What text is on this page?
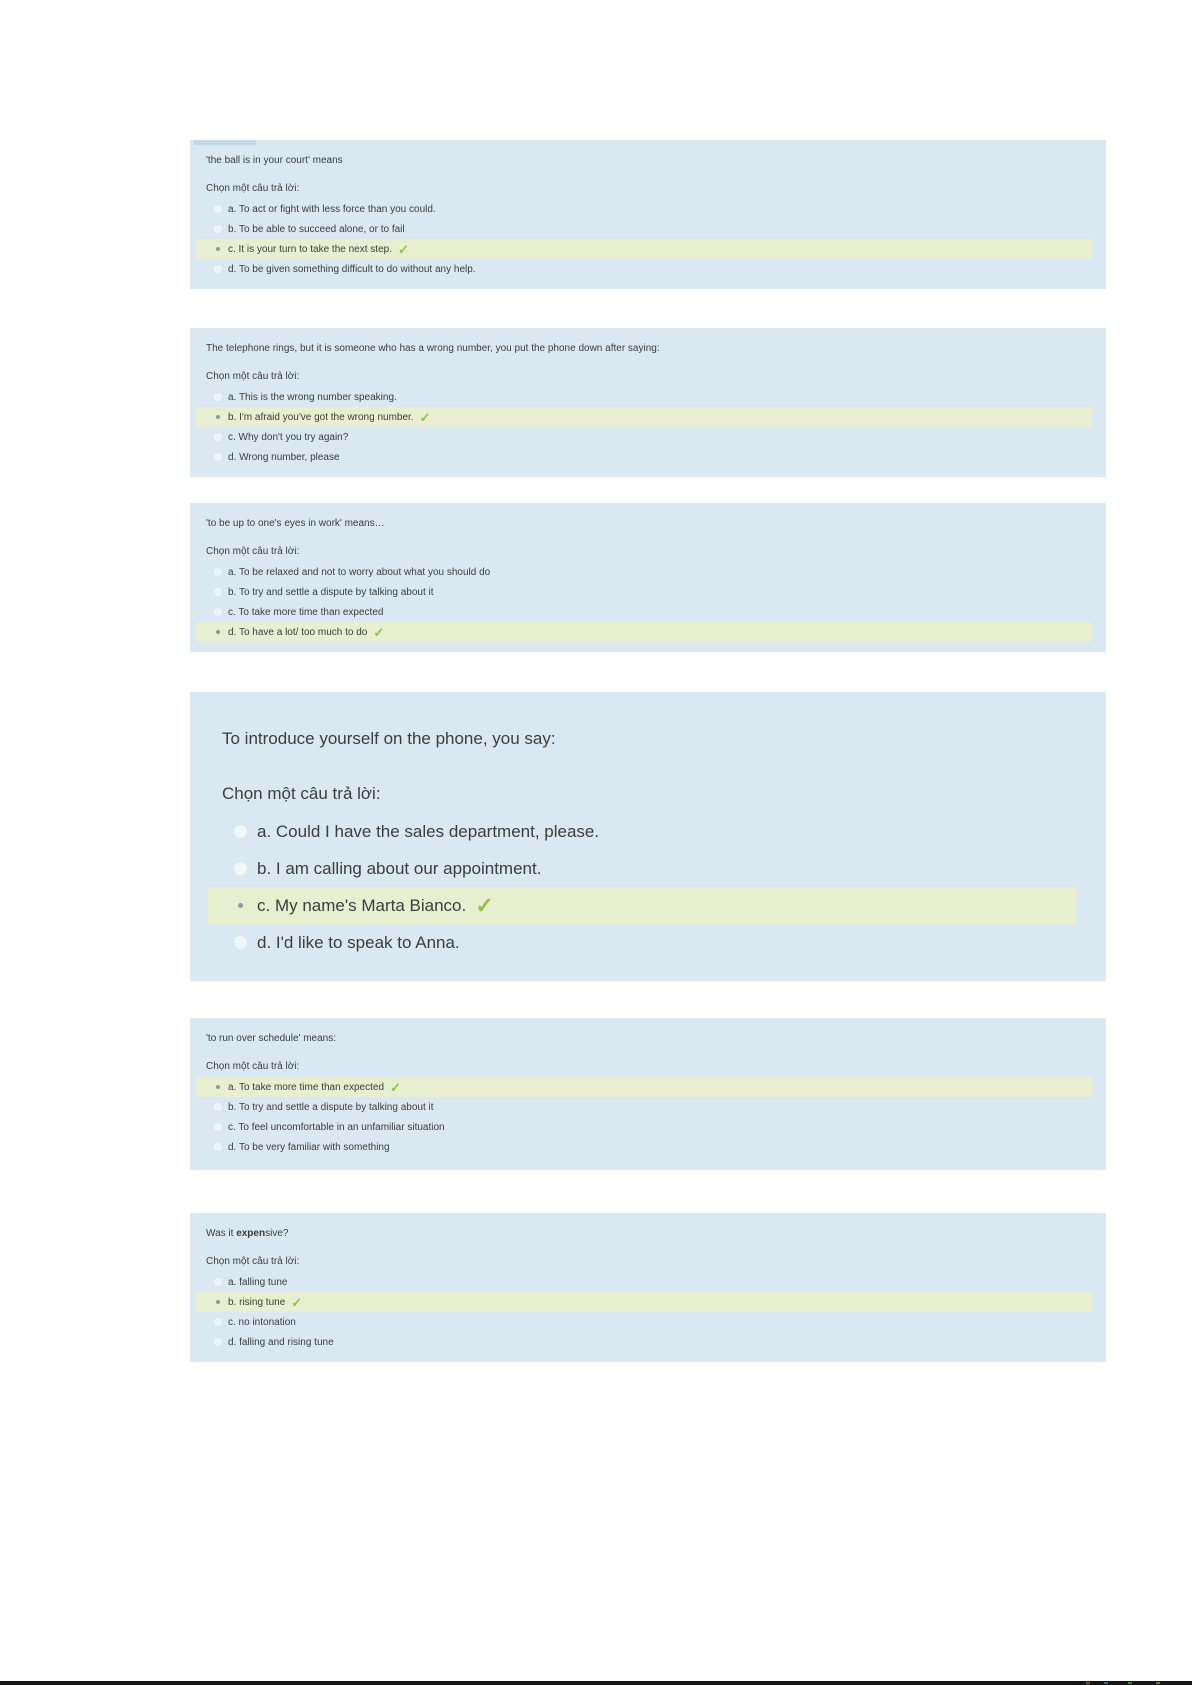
'the ball is in your court' means
Chọn một câu trả lời:
a. To act or fight with less force than you could.
b. To be able to succeed alone, or to fail
c. It is your turn to take the next step. ✓
d. To be given something difficult to do without any help.
The telephone rings, but it is someone who has a wrong number, you put the phone down after saying:
Chọn một câu trả lời:
a. This is the wrong number speaking.
b. I'm afraid you've got the wrong number. ✓
c. Why don't you try again?
d. Wrong number, please
'to be up to one's eyes in work' means…
Chọn một câu trả lời:
a. To be relaxed and not to worry about what you should do
b. To try and settle a dispute by talking about it
c. To take more time than expected
d. To have a lot/ too much to do ✓
To introduce yourself on the phone, you say:
Chọn một câu trả lời:
a. Could I have the sales department, please.
b. I am calling about our appointment.
c. My name's Marta Bianco. ✓
d. I'd like to speak to Anna.
'to run over schedule' means:
Chọn một câu trả lời:
a. To take more time than expected ✓
b. To try and settle a dispute by talking about it
c. To feel uncomfortable in an unfamiliar situation
d. To be very familiar with something
Was it expensive?
Chọn một câu trả lời:
a. falling tune
b. rising tune ✓
c. no intonation
d. falling and rising tune
